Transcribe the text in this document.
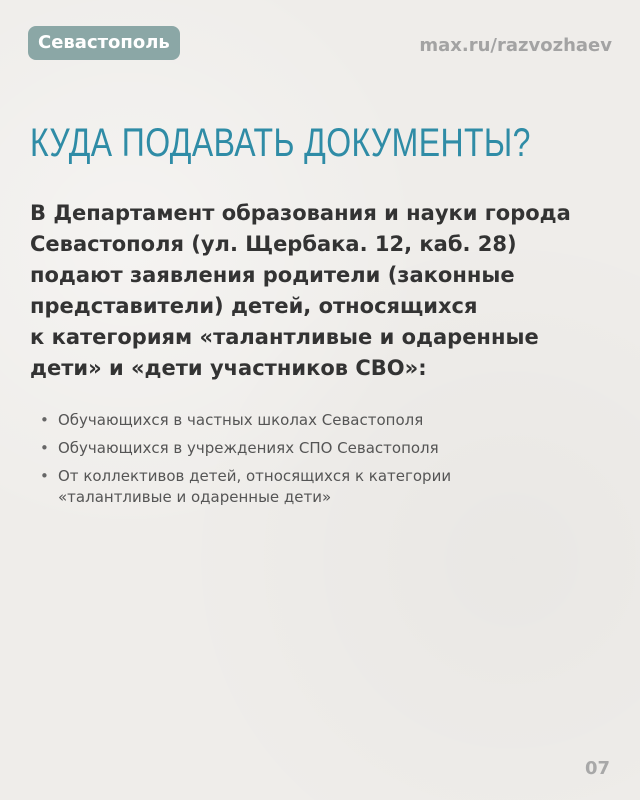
Севастополь	max.ru/razvozhaev
КУДА ПОДАВАТЬ ДОКУМЕНТЫ?
В Департамент образования и науки города
Севастополя (ул. Щербака. 12, каб. 28)
подают заявления родители (законные
представители) детей, относящихся
к категориям «талантливые и одаренные
дети» и «дети участников СВО»:
• Обучающихся в частных школах Севастополя
• Обучающихся в учреждениях СПО Севастополя
• От коллективов детей, относящихся к категории
«талантливые и одаренные дети»
07
